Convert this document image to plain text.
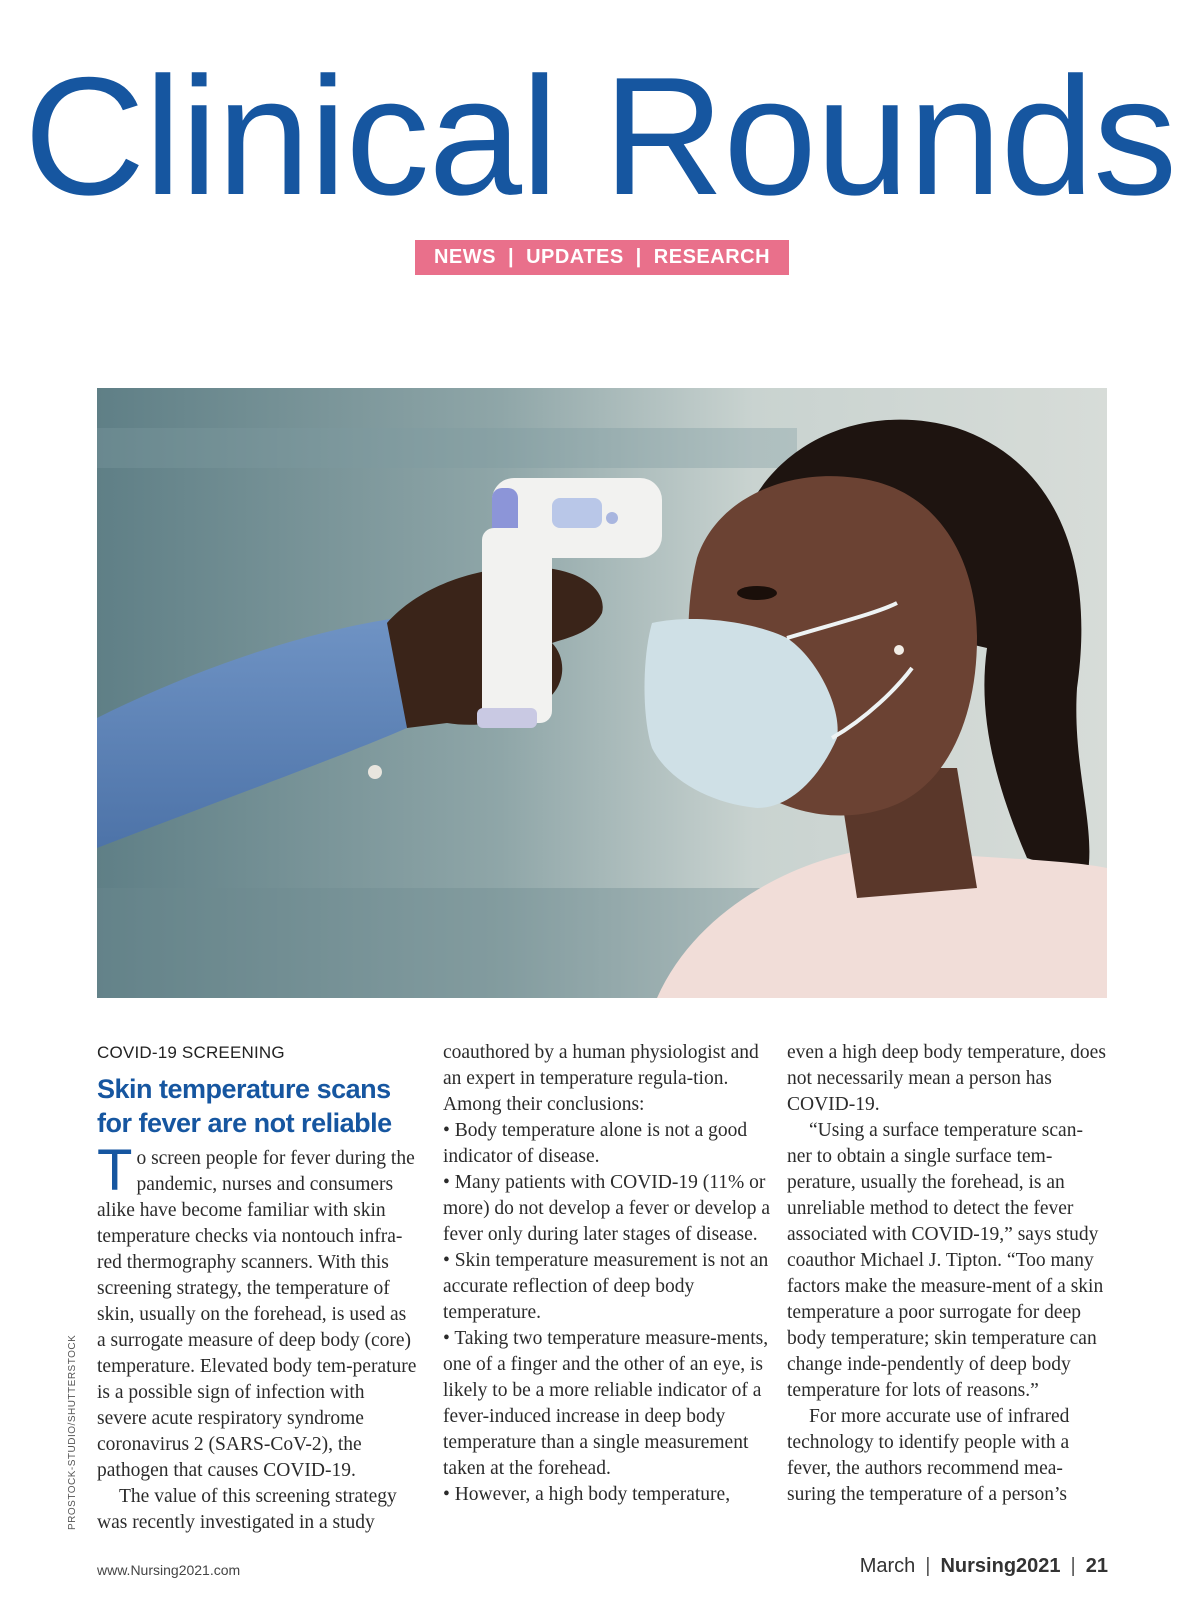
Clinical Rounds
NEWS | UPDATES | RESEARCH
PROSTOCK-STUDIO/SHUTTERSTOCK
COVID-19 SCREENING
Skin temperature scans for fever are not reliable

To screen people for fever during the pandemic, nurses and consumers alike have become familiar with skin temperature checks via nontouch infra-red thermography scanners. With this screening strategy, the temperature of skin, usually on the forehead, is used as a surrogate measure of deep body (core) temperature. Elevated body tem-perature is a possible sign of infection with severe acute respiratory syndrome coronavirus 2 (SARS-CoV-2), the pathogen that causes COVID-19.

The value of this screening strategy was recently investigated in a study

coauthored by a human physiologist and an expert in temperature regula-tion. Among their conclusions:

• Body temperature alone is not a good indicator of disease.

• Many patients with COVID-19 (11% or more) do not develop a fever or develop a fever only during later stages of disease.

• Skin temperature measurement is not an accurate reflection of deep body temperature.

• Taking two temperature measure-ments, one of a finger and the other of an eye, is likely to be a more reliable indicator of a fever-induced increase in deep body temperature than a single measurement taken at the forehead.

• However, a high body temperature,

even a high deep body temperature, does not necessarily mean a person has COVID-19.

“Using a surface temperature scan-ner to obtain a single surface tem-perature, usually the forehead, is an unreliable method to detect the fever associated with COVID-19,” says study coauthor Michael J. Tipton. “Too many factors make the measure-ment of a skin temperature a poor surrogate for deep body temperature; skin temperature can change inde-pendently of deep body temperature for lots of reasons.”

For more accurate use of infrared technology to identify people with a fever, the authors recommend mea-suring the temperature of a person’s

www.Nursing2021.com	March | Nursing2021 | 21
